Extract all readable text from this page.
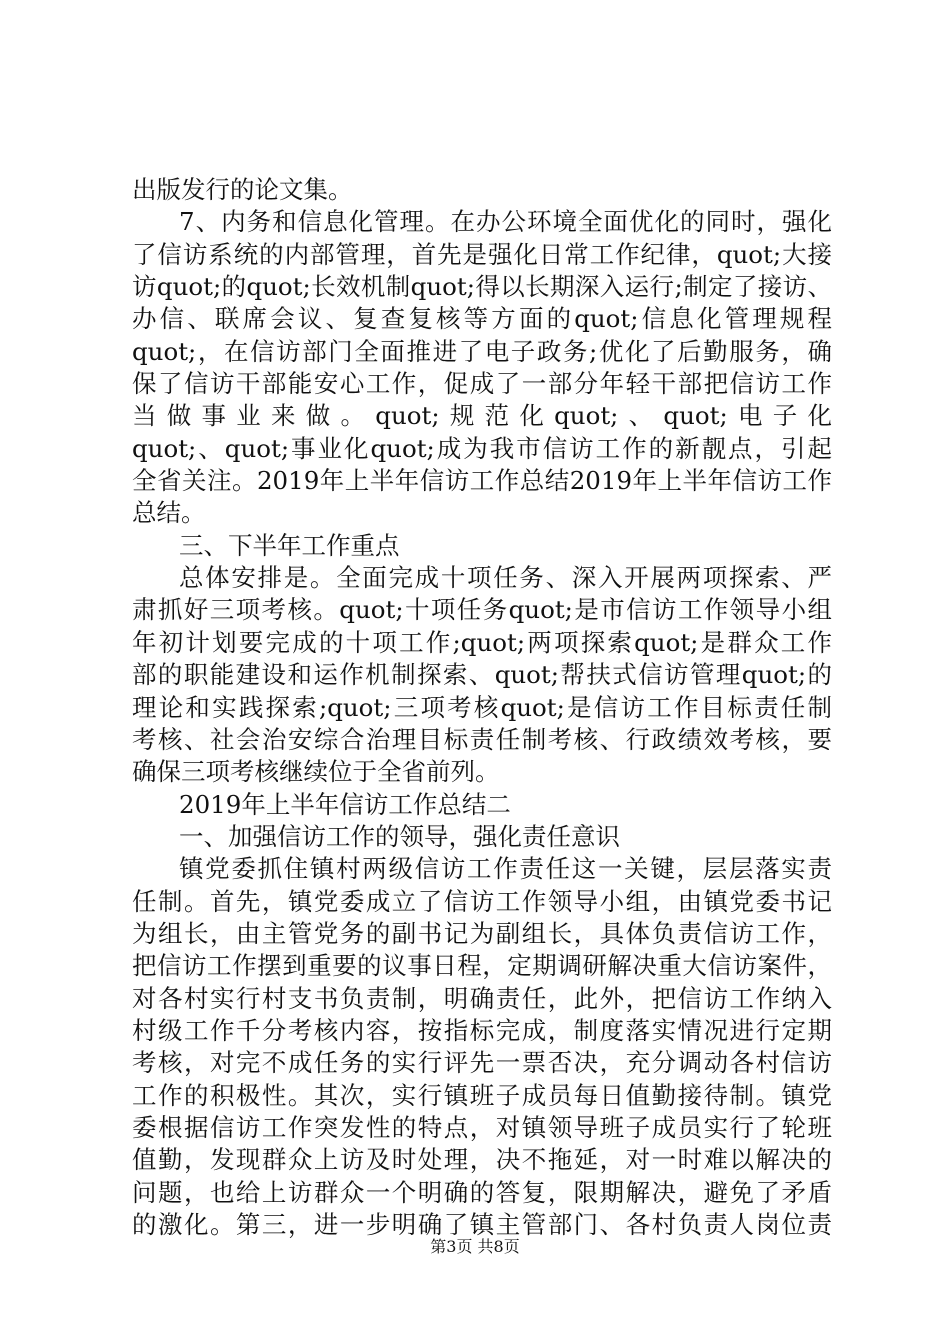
出版发行的论文集。
7、内务和信息化管理。在办公环境全面优化的同时，强化
了信访系统的内部管理，首先是强化日常工作纪律，quot;大接
访quot;的quot;长效机制quot;得以长期深入运行;制定了接访、
办信、联席会议、复查复核等方面的quot;信息化管理规程
quot;，在信访部门全面推进了电子政务;优化了后勤服务，确
保了信访干部能安心工作，促成了一部分年轻干部把信访工作
当做事业来做。quot;规范化quot;、quot;电子化
quot;、quot;事业化quot;成为我市信访工作的新靓点，引起
全省关注。2019年上半年信访工作总结2019年上半年信访工作
总结。
三、下半年工作重点
总体安排是。全面完成十项任务、深入开展两项探索、严
肃抓好三项考核。quot;十项任务quot;是市信访工作领导小组
年初计划要完成的十项工作;quot;两项探索quot;是群众工作
部的职能建设和运作机制探索、quot;帮扶式信访管理quot;的
理论和实践探索;quot;三项考核quot;是信访工作目标责任制
考核、社会治安综合治理目标责任制考核、行政绩效考核，要
确保三项考核继续位于全省前列。
2019年上半年信访工作总结二
一、加强信访工作的领导，强化责任意识
镇党委抓住镇村两级信访工作责任这一关键，层层落实责
任制。首先，镇党委成立了信访工作领导小组，由镇党委书记
为组长，由主管党务的副书记为副组长，具体负责信访工作，
把信访工作摆到重要的议事日程，定期调研解决重大信访案件，
对各村实行村支书负责制，明确责任，此外，把信访工作纳入
村级工作千分考核内容，按指标完成，制度落实情况进行定期
考核，对完不成任务的实行评先一票否决，充分调动各村信访
工作的积极性。其次，实行镇班子成员每日值勤接待制。镇党
委根据信访工作突发性的特点，对镇领导班子成员实行了轮班
值勤，发现群众上访及时处理，决不拖延，对一时难以解决的
问题，也给上访群众一个明确的答复，限期解决，避免了矛盾
的激化。第三，进一步明确了镇主管部门、各村负责人岗位责
第3页 共8页
